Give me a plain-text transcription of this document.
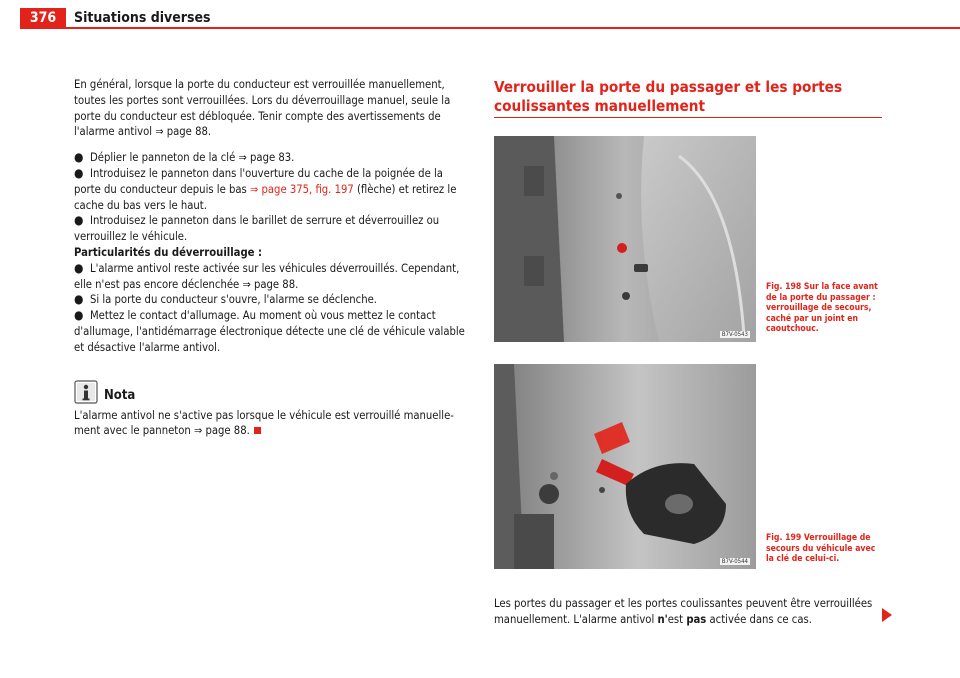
376	Situations diverses

En général, lorsque la porte du conducteur est verrouillée manuellement, toutes les portes sont verrouillées. Lors du déverrouillage manuel, seule la porte du conducteur est débloquée. Tenir compte des avertissements de l'alarme antivol ⇒ page 88.

● Déplier le panneton de la clé ⇒ page 83.

● Introduisez le panneton dans l'ouverture du cache de la poignée de la porte du conducteur depuis le bas ⇒ page 375, fig. 197 (flèche) et retirez le cache du bas vers le haut.

● Introduisez le panneton dans le barillet de serrure et déverrouillez ou verrouillez le véhicule.

Particularités du déverrouillage :

● L'alarme antivol reste activée sur les véhicules déverrouillés. Cependant, elle n'est pas encore déclenchée ⇒ page 88.

● Si la porte du conducteur s'ouvre, l'alarme se déclenche.

● Mettez le contact d'allumage. Au moment où vous mettez le contact d'allumage, l'antidémarrage électronique détecte une clé de véhicule valable et désactive l'alarme antivol.

Nota

L'alarme antivol ne s'active pas lorsque le véhicule est verrouillé manuelle-ment avec le panneton ⇒ page 88.

Verrouiller la porte du passager et les portes coulissantes manuellement
B7V-0543
Fig. 198 Sur la face avant de la porte du passager : verrouillage de secours, caché par un joint en caoutchouc.
B7V-0544
Fig. 199 Verrouillage de secours du véhicule avec la clé de celui-ci.

Les portes du passager et les portes coulissantes peuvent être verrouillées manuellement. L'alarme antivol n'est pas activée dans ce cas.
